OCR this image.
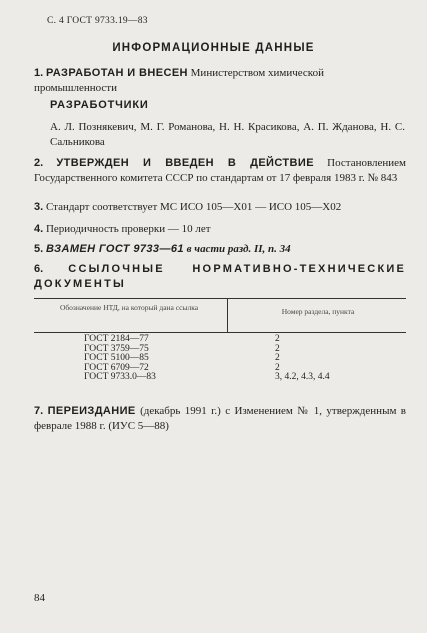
С. 4 ГОСТ 9733.19—83
ИНФОРМАЦИОННЫЕ ДАННЫЕ
1. РАЗРАБОТАН И ВНЕСЕН Министерством химической промышленности
РАЗРАБОТЧИКИ
А. Л. Познякевич, М. Г. Романова, Н. Н. Красикова, А. П. Жданова, Н. С. Сальникова
2. УТВЕРЖДЕН И ВВЕДЕН В ДЕЙСТВИЕ Постановлением Государственного комитета СССР по стандартам от 17 февраля 1983 г. № 843
3. Стандарт соответствует МС ИСО 105—Х01 — ИСО 105—Х02
4. Периодичность проверки — 10 лет
5. ВЗАМЕН ГОСТ 9733—61 в части разд. II, п. 34
6. ССЫЛОЧНЫЕ НОРМАТИВНО-ТЕХНИЧЕСКИЕ ДОКУМЕНТЫ
Обозначение НТД, на который дана ссылка	Номер раздела, пункта
ГОСТ 2184—77
ГОСТ 3759—75
ГОСТ 5100—85
ГОСТ 6709—72
ГОСТ 9733.0—83
2
2
2
2
3, 4.2, 4.3, 4.4
7. ПЕРЕИЗДАНИЕ (декабрь 1991 г.) с Изменением № 1, утвержденным в феврале 1988 г. (ИУС 5—88)
84
